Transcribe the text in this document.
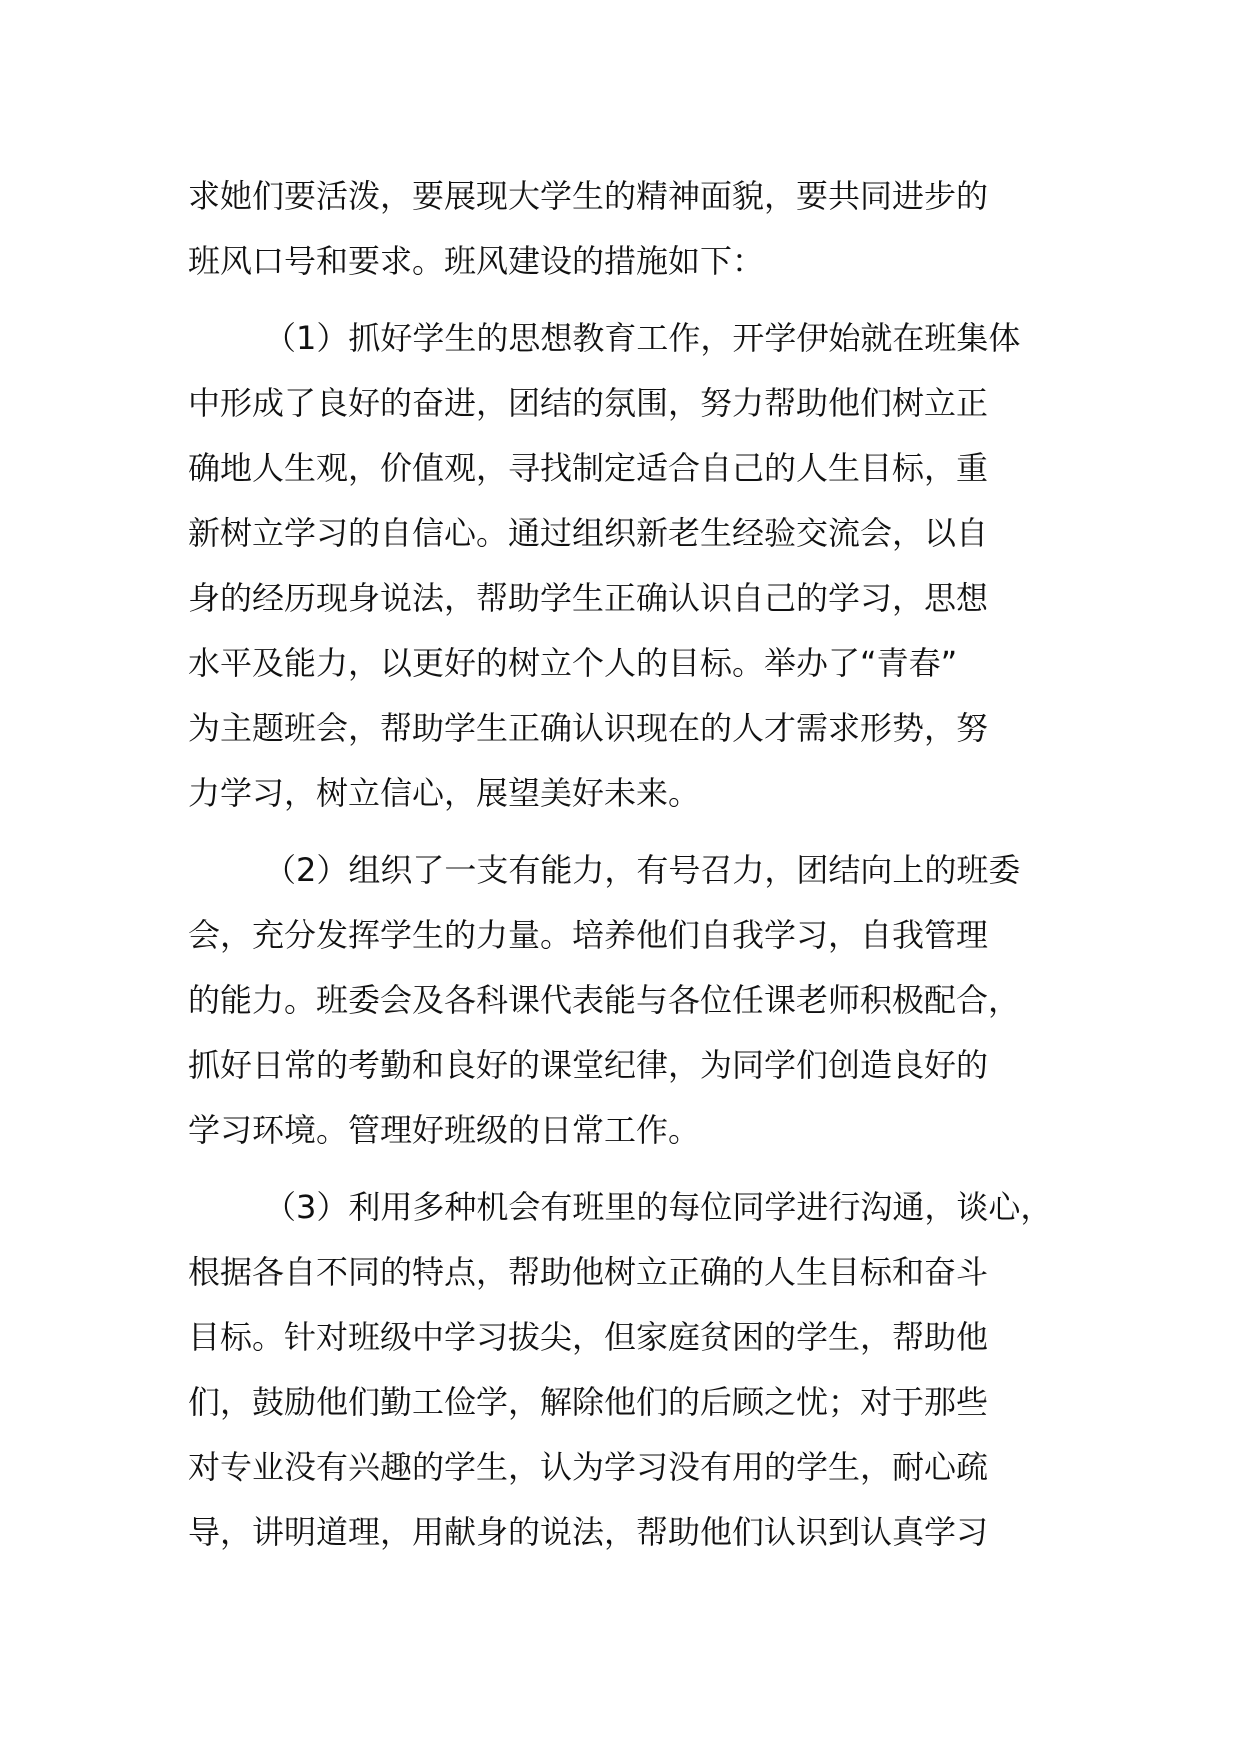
求她们要活泼，要展现大学生的精神面貌，要共同进步的
班风口号和要求。班风建设的措施如下：

（1）抓好学生的思想教育工作，开学伊始就在班集体
中形成了良好的奋进，团结的氛围，努力帮助他们树立正
确地人生观，价值观，寻找制定适合自己的人生目标，重
新树立学习的自信心。通过组织新老生经验交流会，以自
身的经历现身说法，帮助学生正确认识自己的学习，思想
水平及能力，以更好的树立个人的目标。举办了“青春”
为主题班会，帮助学生正确认识现在的人才需求形势，努
力学习，树立信心，展望美好未来。

（2）组织了一支有能力，有号召力，团结向上的班委
会，充分发挥学生的力量。培养他们自我学习，自我管理
的能力。班委会及各科课代表能与各位任课老师积极配合，
抓好日常的考勤和良好的课堂纪律，为同学们创造良好的
学习环境。管理好班级的日常工作。

（3）利用多种机会有班里的每位同学进行沟通，谈心，
根据各自不同的特点，帮助他树立正确的人生目标和奋斗
目标。针对班级中学习拔尖，但家庭贫困的学生，帮助他
们，鼓励他们勤工俭学，解除他们的后顾之忧；对于那些
对专业没有兴趣的学生，认为学习没有用的学生，耐心疏
导，讲明道理，用献身的说法，帮助他们认识到认真学习
